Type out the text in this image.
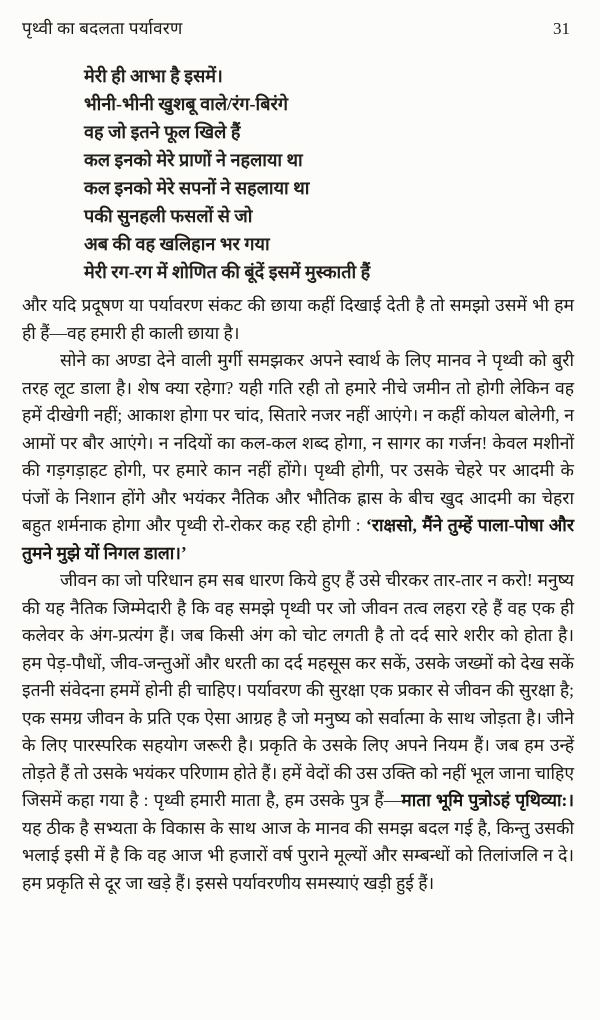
पृथ्वी का बदलता पर्यावरण	31
मेरी ही आभा है इसमें।
भीनी-भीनी खुशबू वाले/रंग-बिरंगे
वह जो इतने फूल खिले हैं
कल इनको मेरे प्राणों ने नहलाया था
कल इनको मेरे सपनों ने सहलाया था
पकी सुनहली फसलों से जो
अब की वह खलिहान भर गया
मेरी रग-रग में शोणित की बूंदें इसमें मुस्काती हैं

और यदि प्रदूषण या पर्यावरण संकट की छाया कहीं दिखाई देती है तो समझो उसमें भी हम ही हैं—वह हमारी ही काली छाया है।

सोने का अण्डा देने वाली मुर्गी समझकर अपने स्वार्थ के लिए मानव ने पृथ्वी को बुरी तरह लूट डाला है। शेष क्या रहेगा? यही गति रही तो हमारे नीचे जमीन तो होगी लेकिन वह हमें दीखेगी नहीं; आकाश होगा पर चांद, सितारे नजर नहीं आएंगे। न कहीं कोयल बोलेगी, न आमों पर बौर आएंगे। न नदियों का कल-कल शब्द होगा, न सागर का गर्जन! केवल मशीनों की गड़गड़ाहट होगी, पर हमारे कान नहीं होंगे। पृथ्वी होगी, पर उसके चेहरे पर आदमी के पंजों के निशान होंगे और भयंकर नैतिक और भौतिक ह्रास के बीच खुद आदमी का चेहरा बहुत शर्मनाक होगा और पृथ्वी रो-रोकर कह रही होगी : ‘राक्षसो, मैंने तुम्हें पाला-पोषा और तुमने मुझे यों निगल डाला।’

जीवन का जो परिधान हम सब धारण किये हुए हैं उसे चीरकर तार-तार न करो! मनुष्य की यह नैतिक जिम्मेदारी है कि वह समझे पृथ्वी पर जो जीवन तत्व लहरा रहे हैं वह एक ही कलेवर के अंग-प्रत्यंग हैं। जब किसी अंग को चोट लगती है तो दर्द सारे शरीर को होता है। हम पेड़-पौधों, जीव-जन्तुओं और धरती का दर्द महसूस कर सकें, उसके जख्मों को देख सकें इतनी संवेदना हममें होनी ही चाहिए। पर्यावरण की सुरक्षा एक प्रकार से जीवन की सुरक्षा है; एक समग्र जीवन के प्रति एक ऐसा आग्रह है जो मनुष्य को सर्वात्मा के साथ जोड़ता है। जीने के लिए पारस्परिक सहयोग जरूरी है। प्रकृति के उसके लिए अपने नियम हैं। जब हम उन्हें तोड़ते हैं तो उसके भयंकर परिणाम होते हैं। हमें वेदों की उस उक्ति को नहीं भूल जाना चाहिए जिसमें कहा गया है : पृथ्वी हमारी माता है, हम उसके पुत्र हैं—माता भूमि पुत्रोऽहं पृथिव्या:। यह ठीक है सभ्यता के विकास के साथ आज के मानव की समझ बदल गई है, किन्तु उसकी भलाई इसी में है कि वह आज भी हजारों वर्ष पुराने मूल्यों और सम्बन्धों को तिलांजलि न दे। हम प्रकृति से दूर जा खड़े हैं। इससे पर्यावरणीय समस्याएं खड़ी हुई हैं।
